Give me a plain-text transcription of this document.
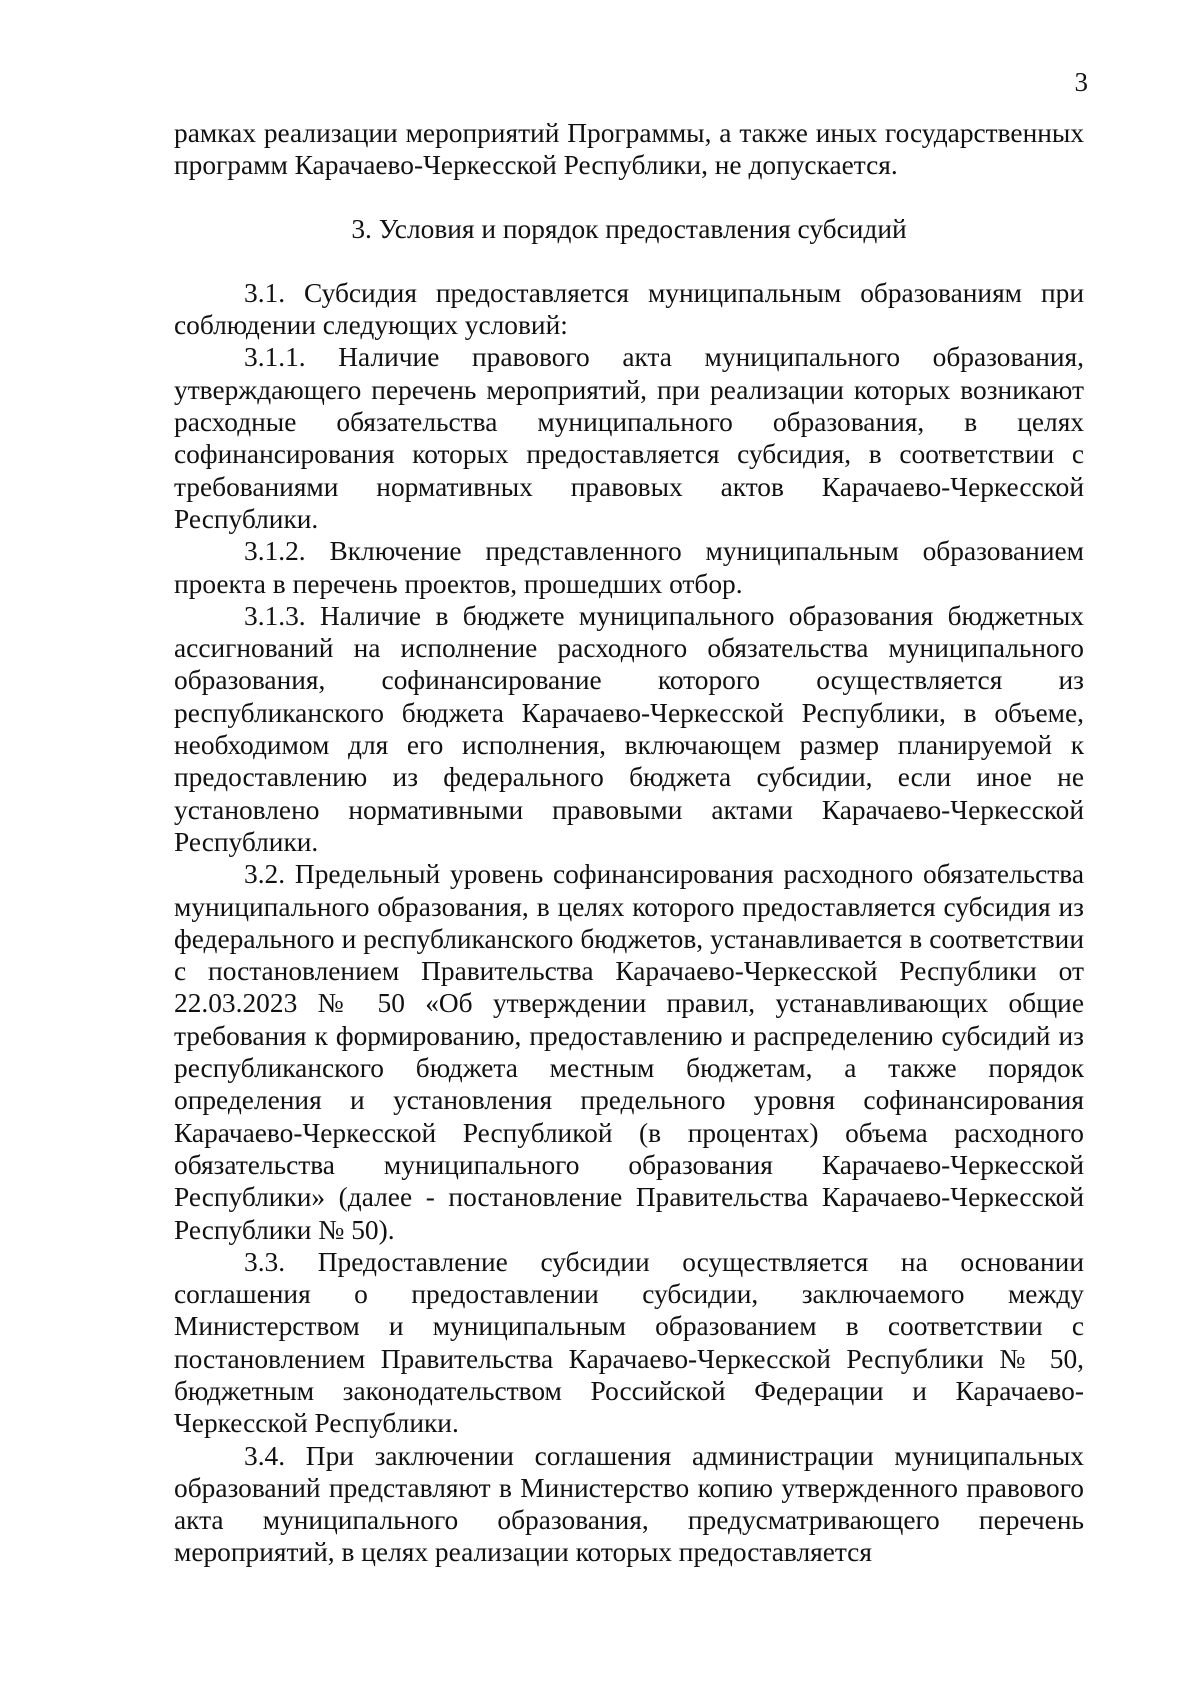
3

рамках реализации мероприятий Программы, а также иных государственных программ Карачаево-Черкесской Республики, не допускается.

3. Условия и порядок предоставления субсидий

3.1. Субсидия предоставляется муниципальным образованиям при соблюдении следующих условий:

3.1.1. Наличие правового акта муниципального образования, утверждающего перечень мероприятий, при реализации которых возникают расходные обязательства муниципального образования, в целях софинансирования которых предоставляется субсидия, в соответствии с требованиями нормативных правовых актов Карачаево-Черкесской Республики.

3.1.2. Включение представленного муниципальным образованием проекта в перечень проектов, прошедших отбор.

3.1.3. Наличие в бюджете муниципального образования бюджетных ассигнований на исполнение расходного обязательства муниципального образования, софинансирование которого осуществляется из республиканского бюджета Карачаево-Черкесской Республики, в объеме, необходимом для его исполнения, включающем размер планируемой к предоставлению из федерального бюджета субсидии, если иное не установлено нормативными правовыми актами Карачаево-Черкесской Республики.

3.2. Предельный уровень софинансирования расходного обязательства муниципального образования, в целях которого предоставляется субсидия из федерального и республиканского бюджетов, устанавливается в соответствии с постановлением Правительства Карачаево-Черкесской Республики от 22.03.2023 № 50 «Об утверждении правил, устанавливающих общие требования к формированию, предоставлению и распределению субсидий из республиканского бюджета местным бюджетам, а также порядок определения и установления предельного уровня софинансирования Карачаево-Черкесской Республикой (в процентах) объема расходного обязательства муниципального образования Карачаево-Черкесской Республики» (далее - постановление Правительства Карачаево-Черкесской Республики № 50).

3.3. Предоставление субсидии осуществляется на основании соглашения о предоставлении субсидии, заключаемого между Министерством и муниципальным образованием в соответствии с постановлением Правительства Карачаево-Черкесской Республики № 50, бюджетным законодательством Российской Федерации и Карачаево-Черкесской Республики.

3.4. При заключении соглашения администрации муниципальных образований представляют в Министерство копию утвержденного правового акта муниципального образования, предусматривающего перечень мероприятий, в целях реализации которых предоставляется
